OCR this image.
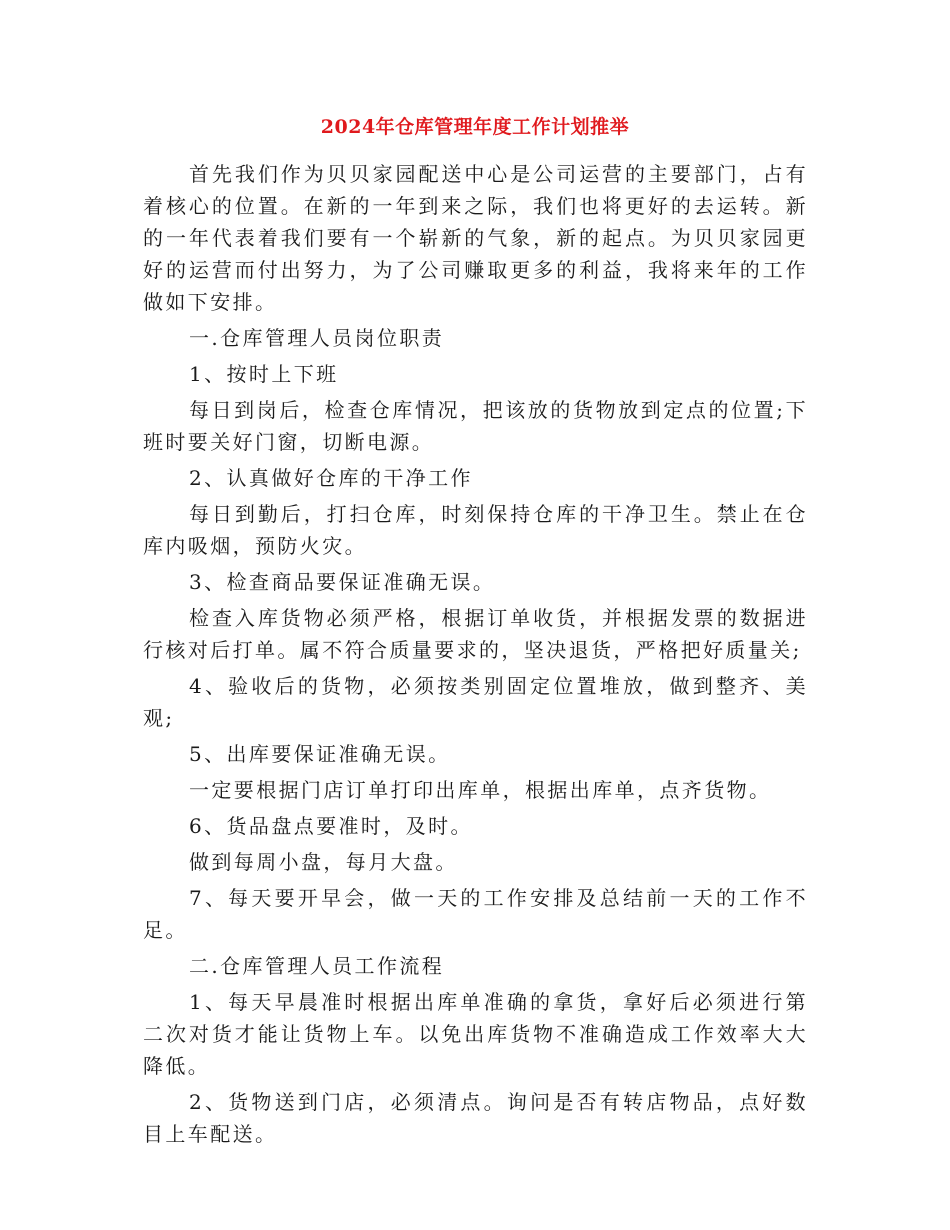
2024年仓库管理年度工作计划推举

首先我们作为贝贝家园配送中心是公司运营的主要部门，占有着核心的位置。在新的一年到来之际，我们也将更好的去运转。新的一年代表着我们要有一个崭新的气象，新的起点。为贝贝家园更好的运营而付出努力，为了公司赚取更多的利益，我将来年的工作做如下安排。

一.仓库管理人员岗位职责

1、按时上下班

每日到岗后，检查仓库情况，把该放的货物放到定点的位置;下班时要关好门窗，切断电源。

2、认真做好仓库的干净工作

每日到勤后，打扫仓库，时刻保持仓库的干净卫生。禁止在仓库内吸烟，预防火灾。

3、检查商品要保证准确无误。

检查入库货物必须严格，根据订单收货，并根据发票的数据进行核对后打单。属不符合质量要求的，坚决退货，严格把好质量关;

4、验收后的货物，必须按类别固定位置堆放，做到整齐、美观;

5、出库要保证准确无误。

一定要根据门店订单打印出库单，根据出库单，点齐货物。

6、货品盘点要准时，及时。

做到每周小盘，每月大盘。

7、每天要开早会，做一天的工作安排及总结前一天的工作不足。

二.仓库管理人员工作流程

1、每天早晨准时根据出库单准确的拿货，拿好后必须进行第二次对货才能让货物上车。以免出库货物不准确造成工作效率大大降低。

2、货物送到门店，必须清点。询问是否有转店物品，点好数目上车配送。
